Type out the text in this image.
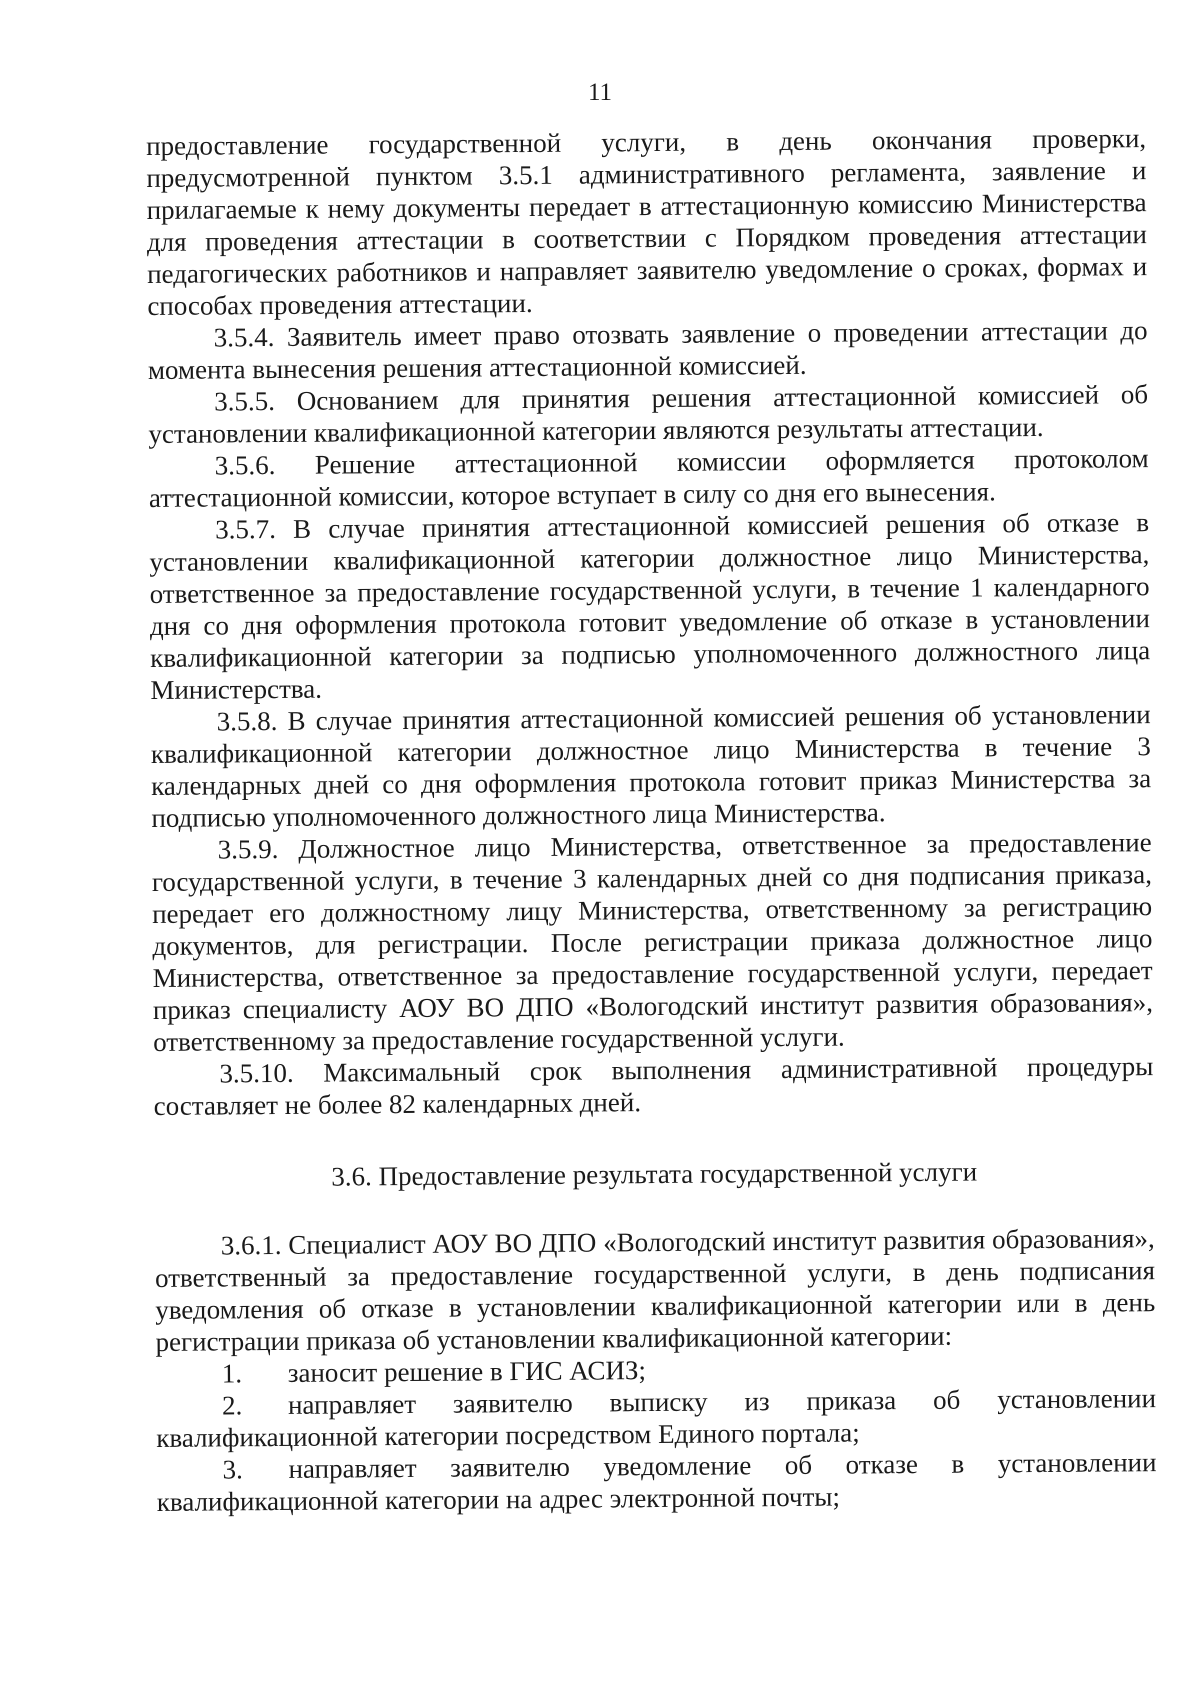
11

предоставление государственной услуги, в день окончания проверки, предусмотренной пунктом 3.5.1 административного регламента, заявление и прилагаемые к нему документы передает в аттестационную комиссию Министерства для проведения аттестации в соответствии с Порядком проведения аттестации педагогических работников и направляет заявителю уведомление о сроках, формах и способах проведения аттестации.

3.5.4. Заявитель имеет право отозвать заявление о проведении аттестации до момента вынесения решения аттестационной комиссией.

3.5.5. Основанием для принятия решения аттестационной комиссией об установлении квалификационной категории являются результаты аттестации.

3.5.6. Решение аттестационной комиссии оформляется протоколом аттестационной комиссии, которое вступает в силу со дня его вынесения.

3.5.7. В случае принятия аттестационной комиссией решения об отказе в установлении квалификационной категории должностное лицо Министерства, ответственное за предоставление государственной услуги, в течение 1 календарного дня со дня оформления протокола готовит уведомление об отказе в установлении квалификационной категории за подписью уполномоченного должностного лица Министерства.

3.5.8. В случае принятия аттестационной комиссией решения об установлении квалификационной категории должностное лицо Министерства в течение 3 календарных дней со дня оформления протокола готовит приказ Министерства за подписью уполномоченного должностного лица Министерства.

3.5.9. Должностное лицо Министерства, ответственное за предоставление государственной услуги, в течение 3 календарных дней со дня подписания приказа, передает его должностному лицу Министерства, ответственному за регистрацию документов, для регистрации. После регистрации приказа должностное лицо Министерства, ответственное за предоставление государственной услуги, передает приказ специалисту АОУ ВО ДПО «Вологодский институт развития образования», ответственному за предоставление государственной услуги.

3.5.10. Максимальный срок выполнения административной процедуры составляет не более 82 календарных дней.

3.6. Предоставление результата государственной услуги

3.6.1. Специалист АОУ ВО ДПО «Вологодский институт развития образования», ответственный за предоставление государственной услуги, в день подписания уведомления об отказе в установлении квалификационной категории или в день регистрации приказа об установлении квалификационной категории:

1. заносит решение в ГИС АСИЗ;

2. направляет заявителю выписку из приказа об установлении квалификационной категории посредством Единого портала;

3. направляет заявителю уведомление об отказе в установлении квалификационной категории на адрес электронной почты;
